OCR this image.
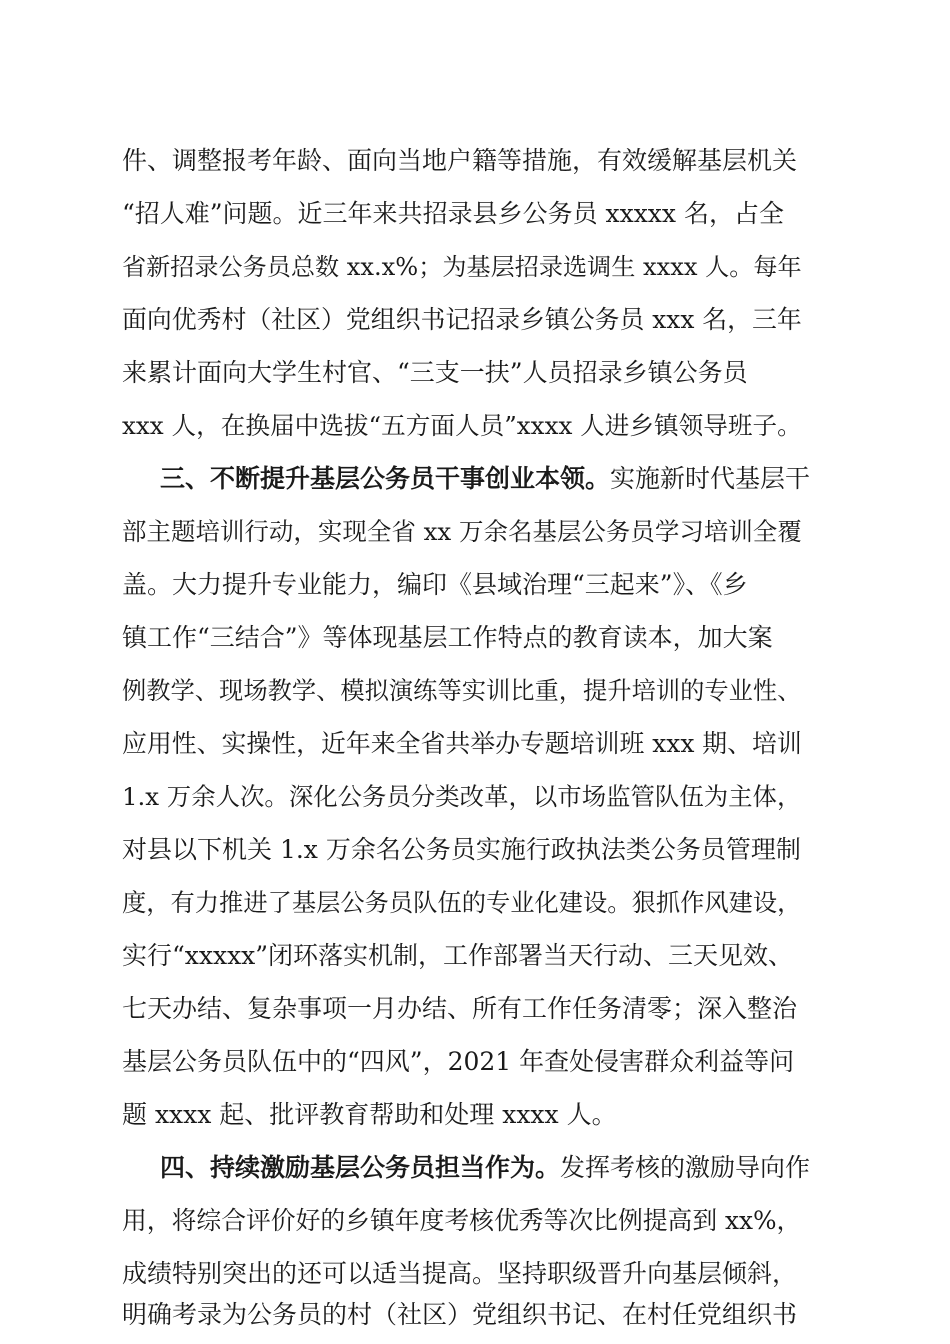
件、调整报考年龄、面向当地户籍等措施，有效缓解基层机关
“招人难”问题。近三年来共招录县乡公务员 xxxxx 名，占全
省新招录公务员总数 xx.x%；为基层招录选调生 xxxx 人。每年
面向优秀村（社区）党组织书记招录乡镇公务员 xxx 名，三年
来累计面向大学生村官、“三支一扶”人员招录乡镇公务员
xxx 人，在换届中选拔“五方面人员”xxxx 人进乡镇领导班子。
三、不断提升基层公务员干事创业本领。实施新时代基层干
部主题培训行动，实现全省 xx 万余名基层公务员学习培训全覆
盖。大力提升专业能力，编印《县域治理“三起来”》、《乡
镇工作“三结合”》等体现基层工作特点的教育读本，加大案
例教学、现场教学、模拟演练等实训比重，提升培训的专业性、
应用性、实操性，近年来全省共举办专题培训班 xxx 期、培训
1.x 万余人次。深化公务员分类改革，以市场监管队伍为主体，
对县以下机关 1.x 万余名公务员实施行政执法类公务员管理制
度，有力推进了基层公务员队伍的专业化建设。狠抓作风建设，
实行“xxxxx”闭环落实机制，工作部署当天行动、三天见效、
七天办结、复杂事项一月办结、所有工作任务清零；深入整治
基层公务员队伍中的“四风”，2021 年查处侵害群众利益等问
题 xxxx 起、批评教育帮助和处理 xxxx 人。
四、持续激励基层公务员担当作为。发挥考核的激励导向作
用，将综合评价好的乡镇年度考核优秀等次比例提高到 xx%，
成绩特别突出的还可以适当提高。坚持职级晋升向基层倾斜，
明确考录为公务员的村（社区）党组织书记、在村任党组织书
